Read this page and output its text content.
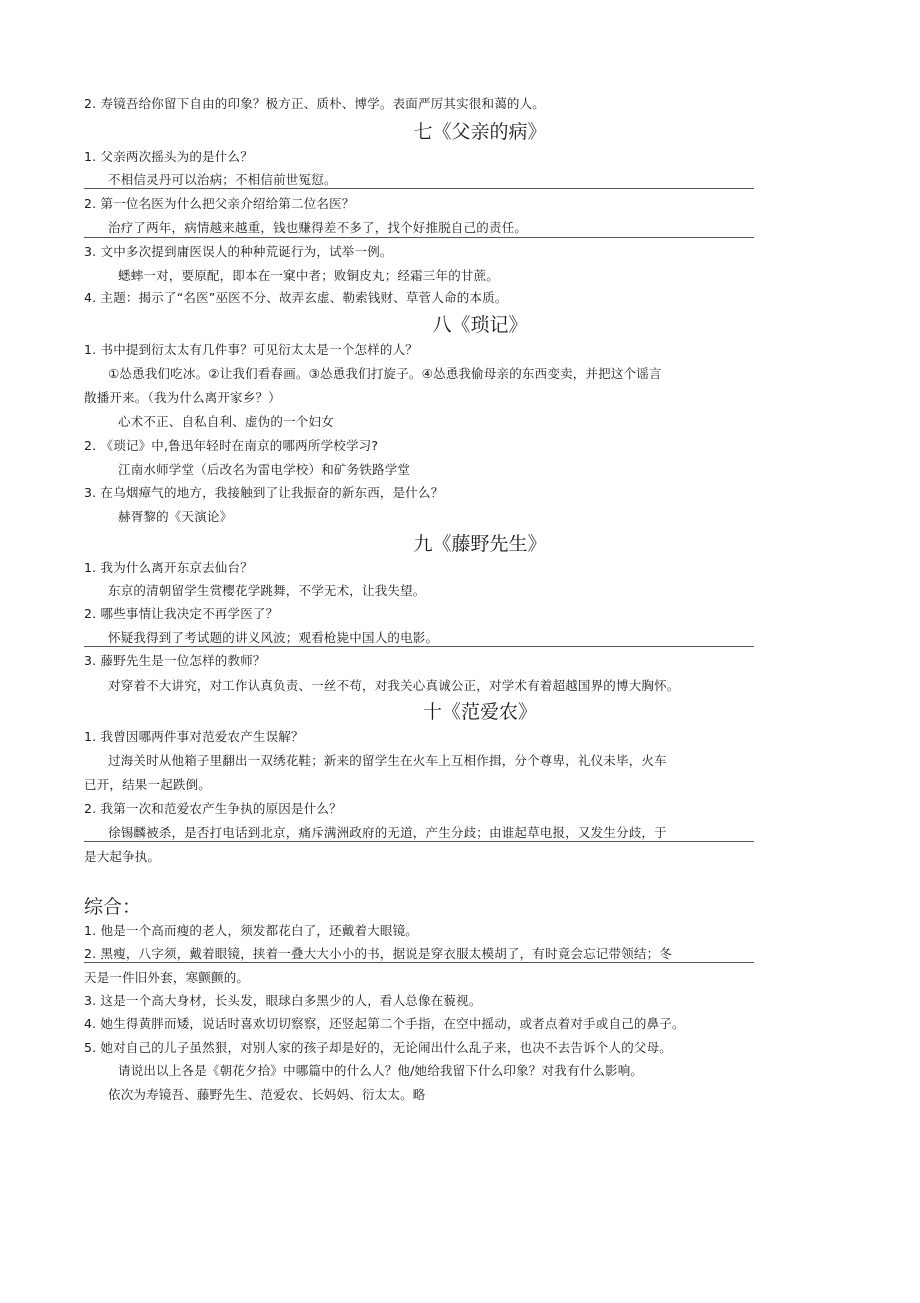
2. 寿镜吾给你留下自由的印象？极方正、质朴、博学。表面严厉其实很和蔼的人。
七《父亲的病》
1. 父亲两次摇头为的是什么？
不相信灵丹可以治病；不相信前世冤愆。
2. 第一位名医为什么把父亲介绍给第二位名医？
治疗了两年，病情越来越重，钱也赚得差不多了，找个好推脱自己的责任。
3. 文中多次提到庸医误人的种种荒诞行为，试举一例。
蟋蟀一对，要原配，即本在一窠中者；败铜皮丸；经霜三年的甘蔗。
4. 主题：揭示了“名医”巫医不分、故弄玄虚、勒索钱财、草菅人命的本质。
八《琐记》
1. 书中提到衍太太有几件事？可见衍太太是一个怎样的人？
①怂恿我们吃冰。②让我们看春画。③怂恿我们打旋子。④怂恿我偷母亲的东西变卖，并把这个谣言
散播开来。（我为什么离开家乡？）
心术不正、自私自利、虚伪的一个妇女
2. 《琐记》中,鲁迅年轻时在南京的哪两所学校学习?
江南水师学堂（后改名为雷电学校）和矿务铁路学堂
3. 在乌烟瘴气的地方，我接触到了让我振奋的新东西，是什么？
赫胥黎的《天演论》
九《藤野先生》
1. 我为什么离开东京去仙台？
东京的清朝留学生赏樱花学跳舞，不学无术，让我失望。
2. 哪些事情让我决定不再学医了？
怀疑我得到了考试题的讲义风波；观看枪毙中国人的电影。
3. 藤野先生是一位怎样的教师？
对穿着不大讲究，对工作认真负责、一丝不苟，对我关心真诚公正，对学术有着超越国界的博大胸怀。
十《范爱农》
1. 我曾因哪两件事对范爱农产生误解？
过海关时从他箱子里翻出一双绣花鞋；新来的留学生在火车上互相作揖，分个尊卑，礼仪未毕，火车
已开，结果一起跌倒。
2. 我第一次和范爱农产生争执的原因是什么？
徐锡麟被杀，是否打电话到北京，痛斥满洲政府的无道，产生分歧；由谁起草电报，又发生分歧，于
是大起争执。
综合：
1. 他是一个高而瘦的老人，须发都花白了，还戴着大眼镜。
2. 黑瘦，八字须，戴着眼镜，挟着一叠大大小小的书，据说是穿衣服太模胡了，有时竟会忘记带领结；冬
天是一件旧外套，寒颤颤的。
3. 这是一个高大身材，长头发，眼球白多黑少的人，看人总像在藐视。
4. 她生得黄胖而矮，说话时喜欢切切察察，还竖起第二个手指，在空中摇动，或者点着对手或自己的鼻子。
5. 她对自己的儿子虽然狠，对别人家的孩子却是好的，无论闹出什么乱子来，也决不去告诉个人的父母。
请说出以上各是《朝花夕拾》中哪篇中的什么人？他/她给我留下什么印象？对我有什么影响。
依次为寿镜吾、藤野先生、范爱农、长妈妈、衍太太。略
